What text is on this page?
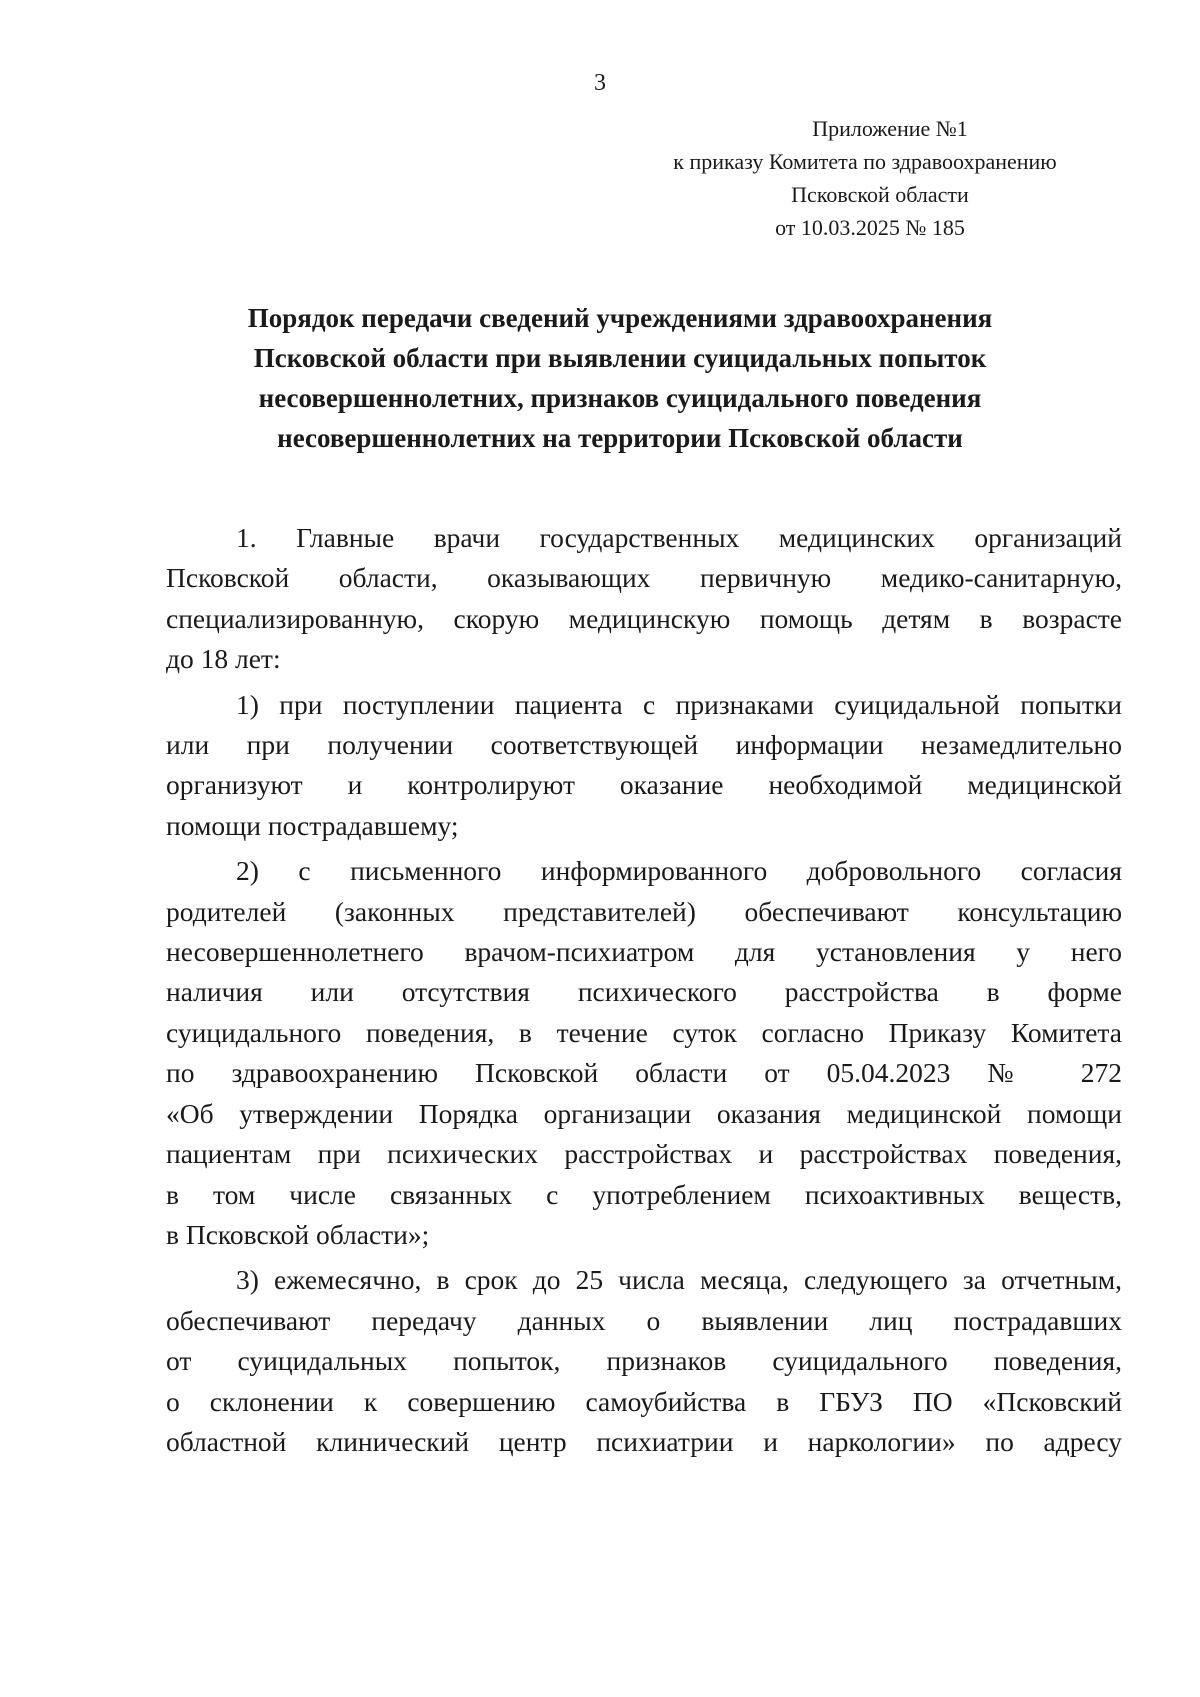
3
Приложение №1
к приказу Комитета по здравоохранению
Псковской области
от 10.03.2025 № 185
Порядок передачи сведений учреждениями здравоохранения
Псковской области при выявлении суицидальных попыток
несовершеннолетних, признаков суицидального поведения
несовершеннолетних на территории Псковской области
1. Главные врачи государственных медицинских организаций
Псковской области, оказывающих первичную медико-санитарную,
специализированную, скорую медицинскую помощь детям в возрасте
до 18 лет:
1) при поступлении пациента с признаками суицидальной попытки
или при получении соответствующей информации незамедлительно
организуют и контролируют оказание необходимой медицинской
помощи пострадавшему;
2) с письменного информированного добровольного согласия
родителей (законных представителей) обеспечивают консультацию
несовершеннолетнего врачом-психиатром для установления у него
наличия или отсутствия психического расстройства в форме
суицидального поведения, в течение суток согласно Приказу Комитета
по здравоохранению Псковской области от 05.04.2023 № 272
«Об утверждении Порядка организации оказания медицинской помощи
пациентам при психических расстройствах и расстройствах поведения,
в том числе связанных с употреблением психоактивных веществ,
в Псковской области»;
3) ежемесячно, в срок до 25 числа месяца, следующего за отчетным,
обеспечивают передачу данных о выявлении лиц пострадавших
от суицидальных попыток, признаков суицидального поведения,
о склонении к совершению самоубийства в ГБУЗ ПО «Псковский
областной клинический центр психиатрии и наркологии» по адресу
